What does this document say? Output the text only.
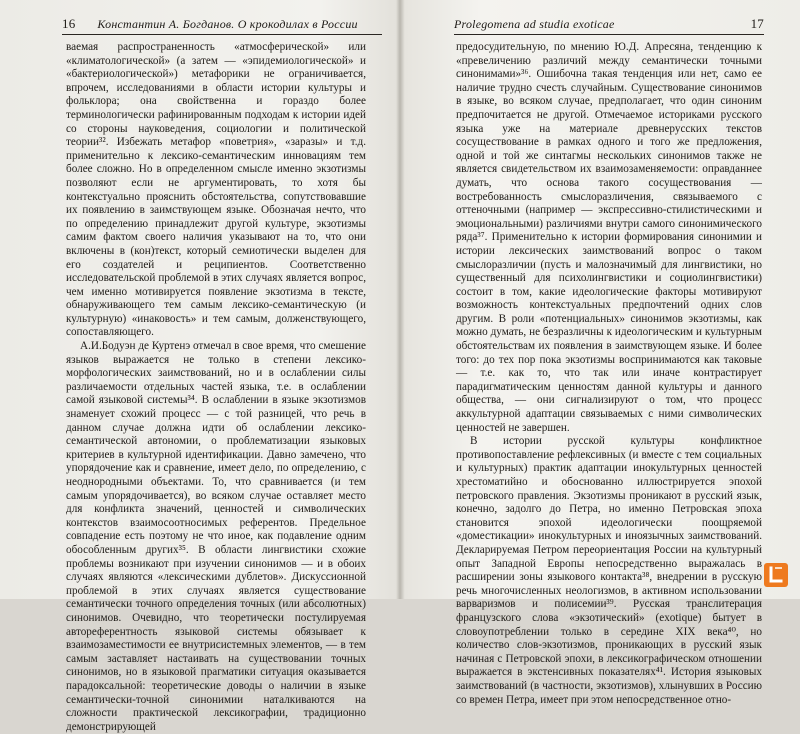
16 Константин А. Богданов. О крокодилах в России

ваемая распространенность «атмосферической» или «климатологической» (а затем — «эпидемиологической» и «бактериологической») метафорики не ограничивается, впрочем, исследованиями в области истории культуры и фольклора; она свойственна и гораздо более терминологически рафинированным подходам к истории идей со стороны науковедения, социологии и политической теории³². Избежать метафор «поветрия», «заразы» и т.д. применительно к лексико-семантическим инновациям тем более сложно. Но в определенном смысле именно экзотизмы позволяют если не аргументировать, то хотя бы контекстуально прояснить обстоятельства, сопутствовавшие их появлению в заимствующем языке. Обозначая нечто, что по определению принадлежит другой культуре, экзотизмы самим фактом своего наличия указывают на то, что они включены в (кон)текст, который семиотически выделен для его создателей и реципиентов. Соответственно исследовательской проблемой в этих случаях является вопрос, чем именно мотивируется появление экзотизма в тексте, обнаруживающего тем самым лексико-семантическую (и культурную) «инаковость» и тем самым, долженствующего, сопоставляющего.

А.И.Бодуэн де Куртенэ отмечал в свое время, что смешение языков выражается не только в степени лексико-морфологических заимствований, но и в ослаблении силы различаемости отдельных частей языка, т.е. в ослаблении самой языковой системы³⁴. В ослаблении в языке экзотизмов знаменует схожий процесс — с той разницей, что речь в данном случае должна идти об ослаблении лексико-семантической автономии, о проблематизации языковых критериев в культурной идентификации. Давно замечено, что упорядочение как и сравнение, имеет дело, по определению, с неоднородными объектами. То, что сравнивается (и тем самым упорядочивается), во всяком случае оставляет место для конфликта значений, ценностей и символических контекстов взаимосоотносимых референтов. Предельное совпадение есть поэтому не что иное, как подавление одним обособленным других³⁵. В области лингвистики схожие проблемы возникают при изучении синонимов — и в обоих случаях являются «лексическими дублетов». Дискуссионной проблемой в этих случаях является существование семантически точного определения точных (или абсолютных) синонимов. Очевидно, что теоретически постулируемая автореферентность языковой системы обязывает к взаимозаместимости ее внутрисистемных элементов, — в тем самым заставляет настаивать на существовании точных синонимов, но в языковой прагматики ситуация оказывается парадоксальной: теоретические доводы о наличии в языке семантически-точной синонимии наталкиваются на сложности практической лексикографии, традиционно демонстрирующей

Prolegomena ad studia exoticae	17

предосудительную, по мнению Ю.Д. Апресяна, тенденцию к «превеличению различий между семантически точными синонимами»³⁶. Ошибочна такая тенденция или нет, само ее наличие трудно счесть случайным. Существование синонимов в языке, во всяком случае, предполагает, что один синоним предпочитается не другой. Отмечаемое историками русского языка уже на материале древнерусских текстов сосуществование в рамках одного и того же предложения, одной и той же синтагмы нескольких синонимов также не является свидетельством их взаимозаменяемости: оправданнее думать, что основа такого сосуществования — востребованность смыслоразличения, связываемого с оттеночными (например — экспрессивно-стилистическими и эмоциональными) различиями внутри самого синонимического ряда³⁷. Применительно к истории формирования синонимии и истории лексических заимствований вопрос о таком смыслоразличии (пусть и малозначимый для лингвистики, но существенный для психолингвистики и социолингвистики) состоит в том, какие идеологические факторы мотивируют возможность контекстуальных предпочтений одних слов другим. В роли «потенциальных» синонимов экзотизмы, как можно думать, не безразличны к идеологическим и культурным обстоятельствам их появления в заимствующем языке. И более того: до тех пор пока экзотизмы воспринимаются как таковые — т.е. как то, что так или иначе контрастирует парадигматическим ценностям данной культуры и данного общества, — они сигнализируют о том, что процесс аккультурной адаптации связываемых с ними символических ценностей не завершен.

В истории русской культуры конфликтное противопоставление рефлексивных (и вместе с тем социальных и культурных) практик адаптации инокультурных ценностей хрестоматийно и обоснованно иллюстрируется эпохой петровского правления. Экзотизмы проникают в русский язык, конечно, задолго до Петра, но именно Петровская эпоха становится эпохой идеологически поощряемой «доместикации» инокультурных и иноязычных заимствований. Декларируемая Петром переориентация России на культурный опыт Западной Европы непосредственно выражалась в расширении зоны языкового контакта³⁸, внедрении в русскую речь многочисленных неологизмов, в активном использовании варваризмов и полисемии³⁹. Русская транслитерация французского слова «экзотический» (exotique) бытует в словоупотреблении только в середине XIX века⁴⁰, но количество слов-экзотизмов, проникающих в русский язык начиная с Петровской эпохи, в лексикографическом отношении выражается в экстенсивных показателях⁴¹. История языковых заимствований (в частности, экзотизмов), хлынувших в Россию со времен Петра, имеет при этом непосредственное отно-
